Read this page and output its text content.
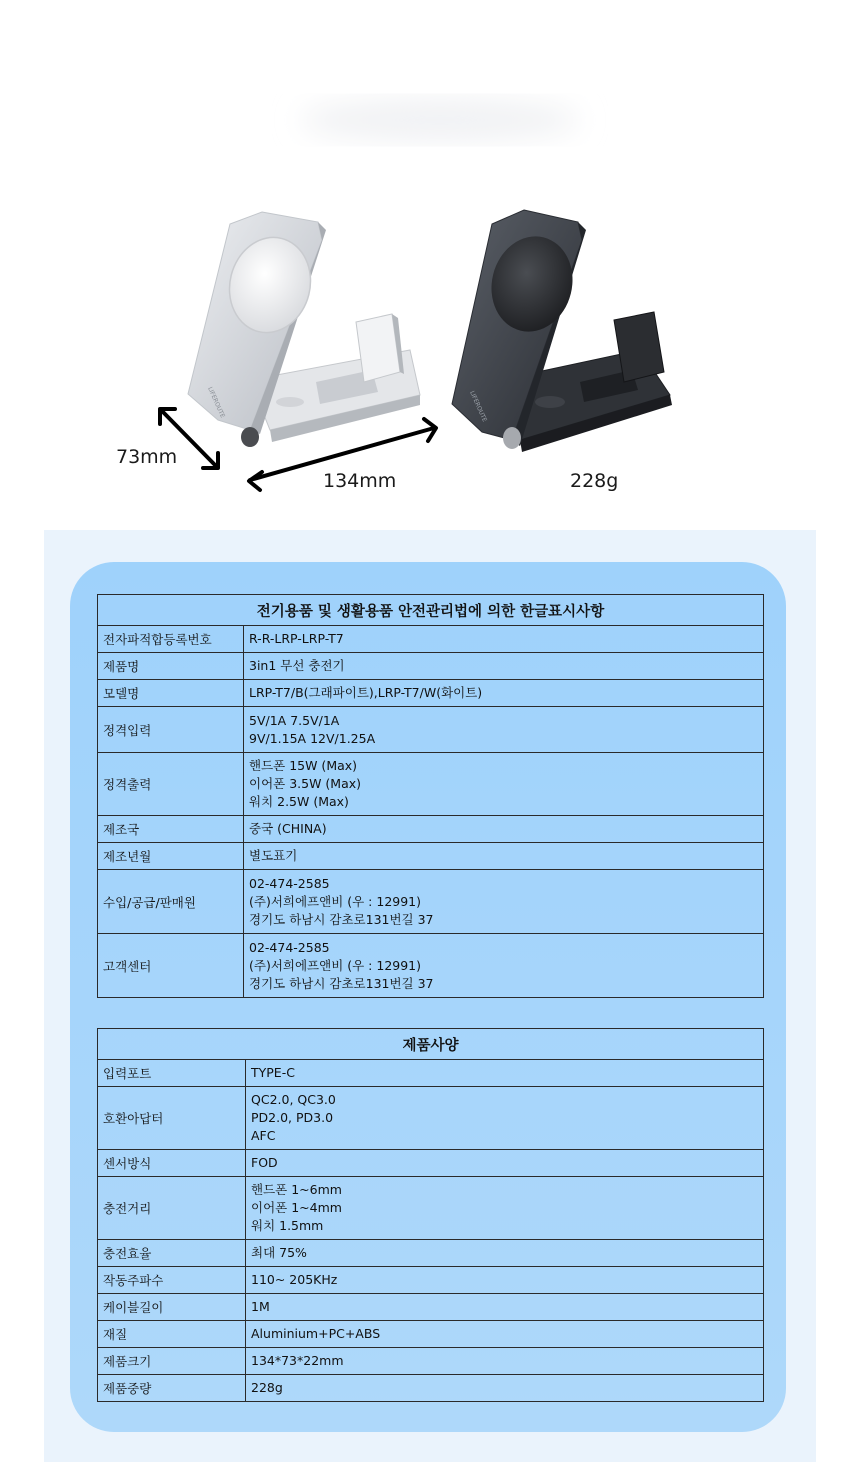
LIFEROUTE	LIFEROUTE
73mm
134mm	228g
전기용품 및 생활용품 안전관리법에 의한 한글표시사항	
전자파적합등록번호	R-R-LRP-LRP-T7

제품명	3in1 무선 충전기

모델명	LRP-T7/B(그래파이트),LRP-T7/W(화이트)

정격입력	5V/1A 7.5V/1A
9V/1.15A 12V/1.25A

정격출력	핸드폰 15W (Max)
이어폰 3.5W (Max)
워치 2.5W (Max)

제조국	중국 (CHINA)

제조년월	별도표기

수입/공급/판매원	02-474-2585
(주)서희에프앤비 (우 : 12991)
경기도 하남시 감초로131번길 37

고객센터	02-474-2585
(주)서희에프앤비 (우 : 12991)
경기도 하남시 감초로131번길 37
제품사양	
입력포트	TYPE-C

호환아답터	QC2.0, QC3.0
PD2.0, PD3.0
AFC

센서방식	FOD

충전거리	핸드폰 1~6mm
이어폰 1~4mm
워치 1.5mm

충전효율	최대 75%

작동주파수	110~ 205KHz

케이블길이	1M

재질	Aluminium+PC+ABS

제품크기	134*73*22mm

제품중량	228g
